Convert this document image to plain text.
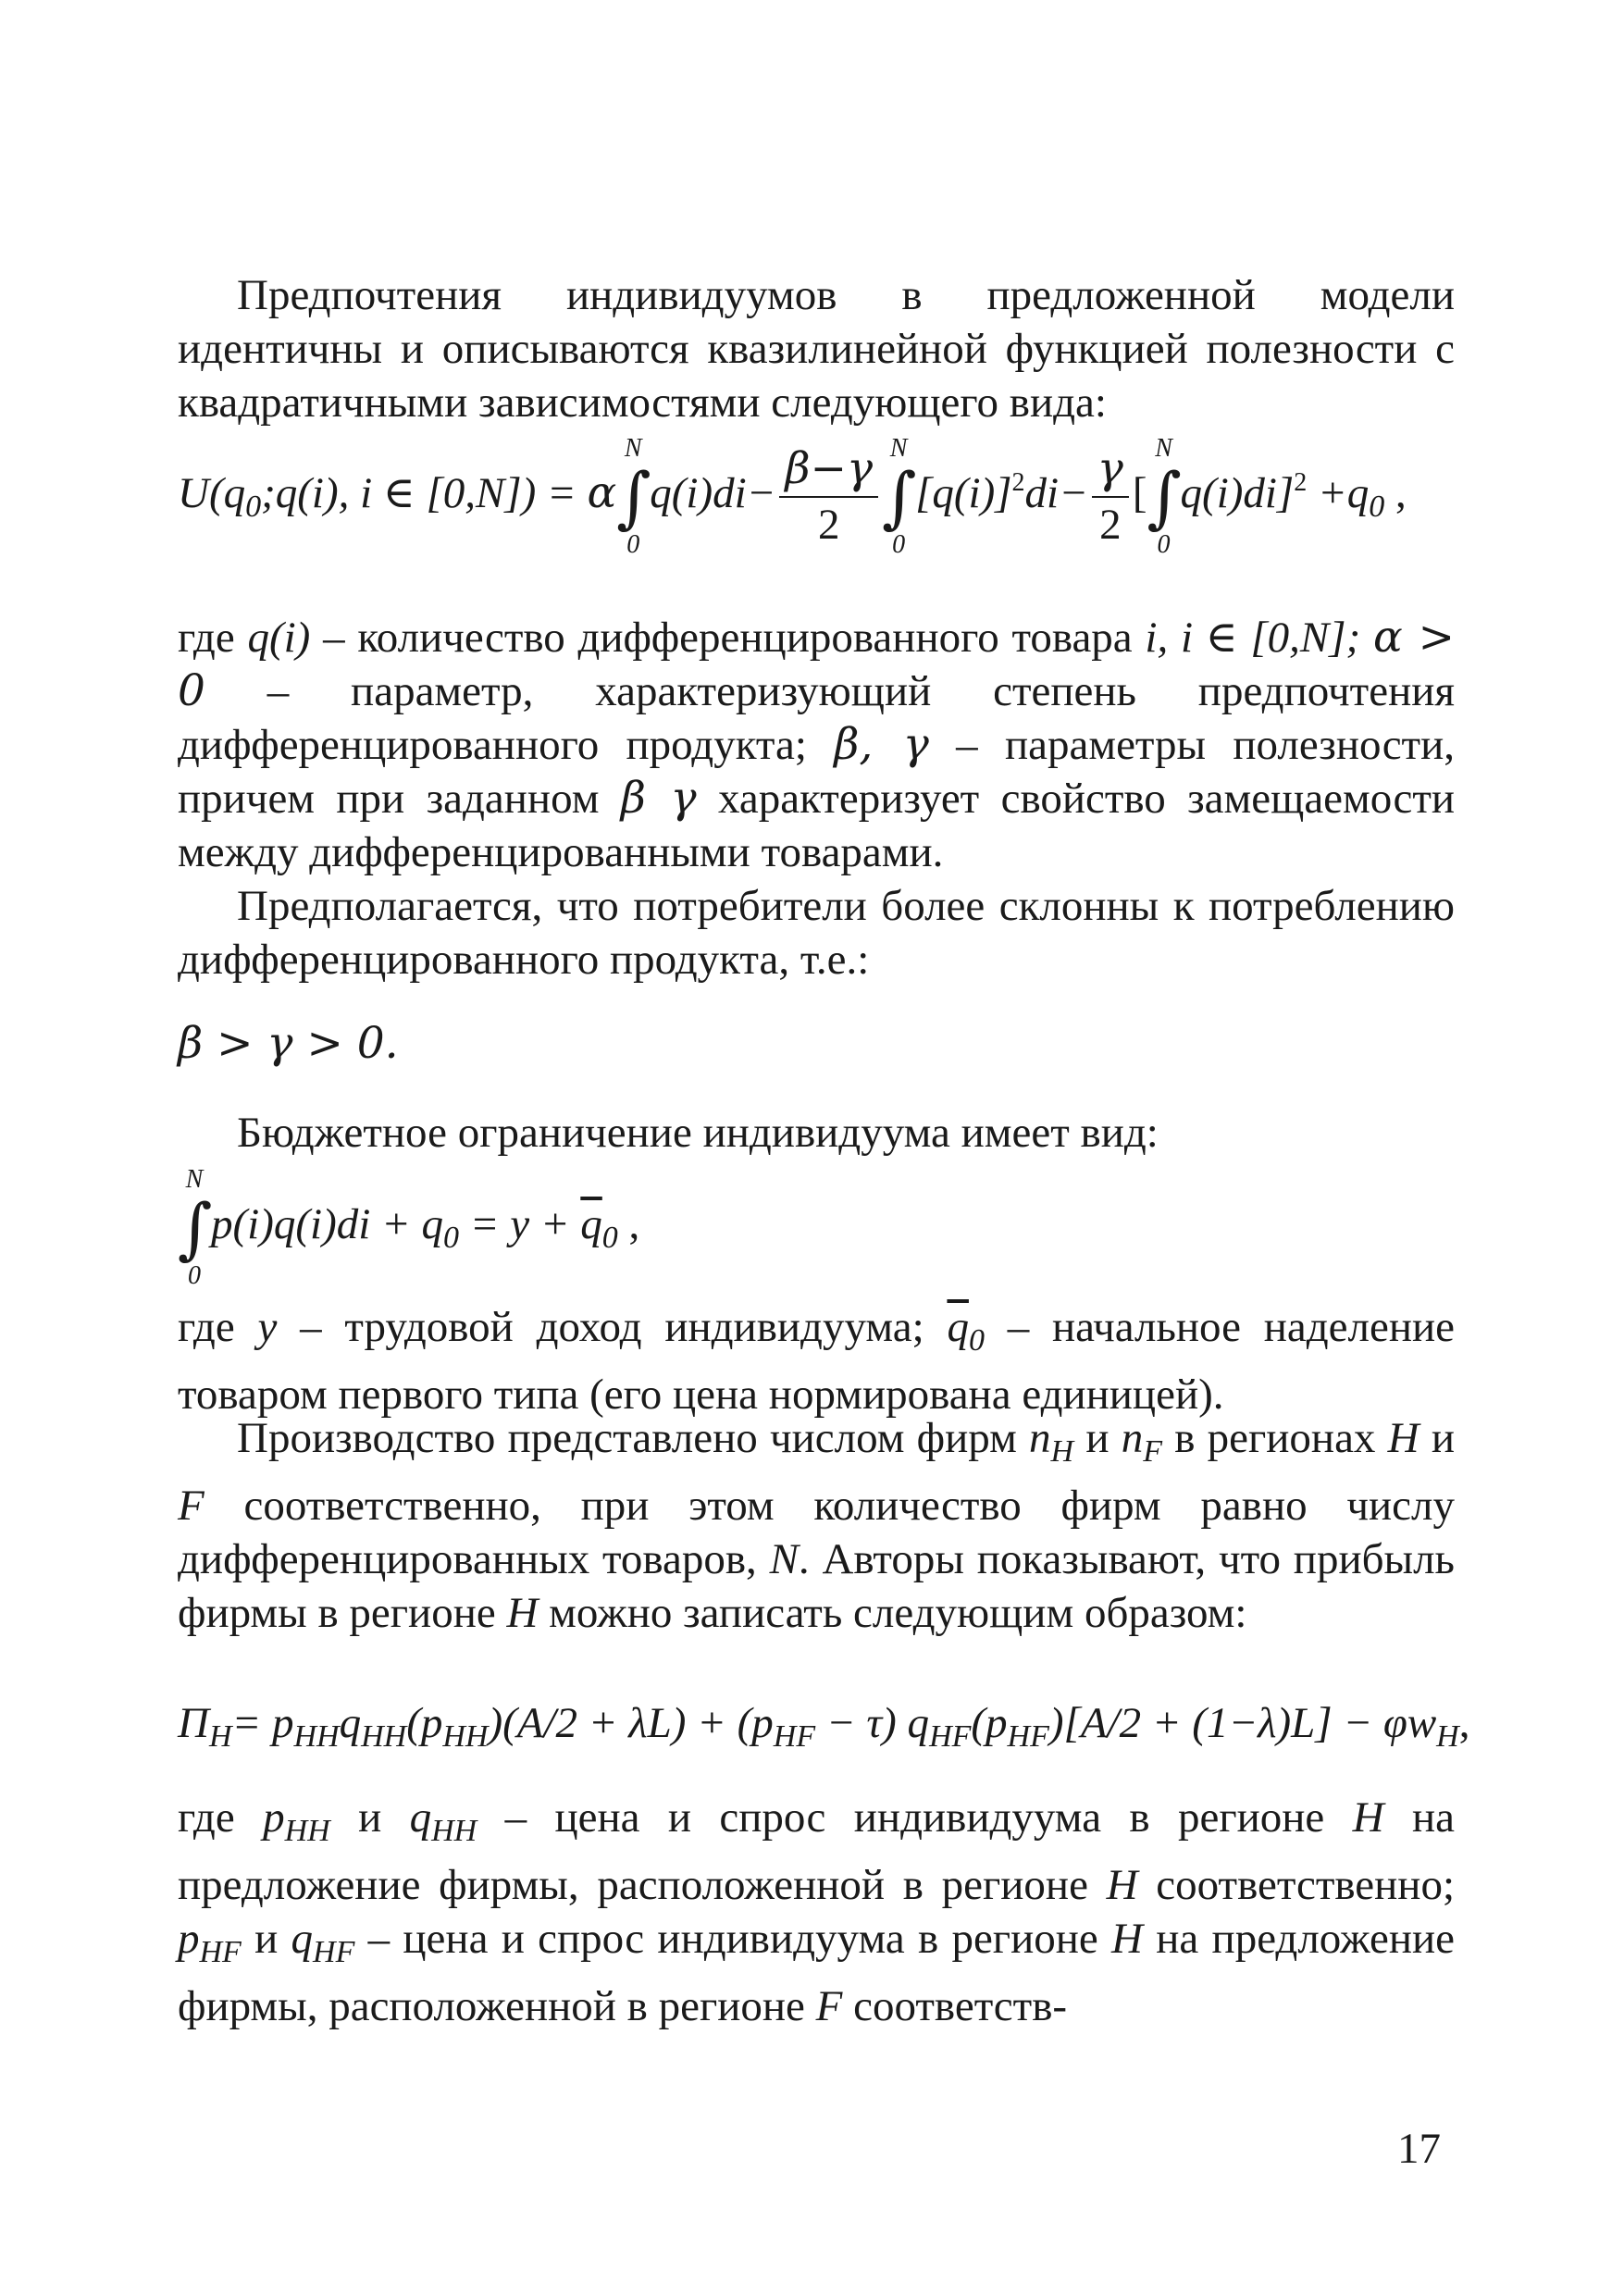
Предпочтения индивидуумов в предложенной модели идентичны и описываются квазилинейной функцией полезности с квадратичными зависимостями следующего вида:

$U(q_0;q(i)$, i ∈ [0,N]) = α
N
∫
0
$q(i)di- \frac{\beta-\gamma}{2}$ N
∫
0
$[q(i)]^2di- \frac{\gamma}{2}$ [
N
∫
0
$q(i)di]^2 +q_0$ ,

где q(i) – количество дифференцированного товара i, i ∈ [0,N]; α > 0 – параметр, характеризующий степень предпочтения дифференцированного продукта; β, γ – параметры полезности, причем при заданном β γ характеризует свойство замещаемости между дифференцированными товарами.

Предполагается, что потребители более склонны к потреблению дифференцированного продукта, т.е.:

β > γ > 0.

Бюджетное ограничение индивидуума имеет вид:

N
∫
0
$p(i)q(i)di + q_0 = y + \overline{q}_0$ ,

где y – трудовой доход индивидуума; $\overline{q}_0$ – начальное наделение товаром первого типа (его цена нормирована единицей).

Производство представлено числом фирм $n_H$ и $n_F$ в регионах H и F соответственно, при этом количество фирм равно числу дифференцированных товаров, N. Авторы показывают, что прибыль фирмы в регионе H можно записать следующим образом:

$\Pi_H= p_{HH}q_{HH}(p_{HH})(A/2 + \lambda L) + (p_{HF} - \tau) q_{HF}(p_{HF})[A/2 + (1-\lambda)L] - \varphi w_H$,

где $p_{HH}$ и $q_{HH}$ – цена и спрос индивидуума в регионе H на предложение фирмы, расположенной в регионе H соответственно; $p_{HF}$ и $q_{HF}$ – цена и спрос индивидуума в регионе H на предложение фирмы, расположенной в регионе F соответств-

17
